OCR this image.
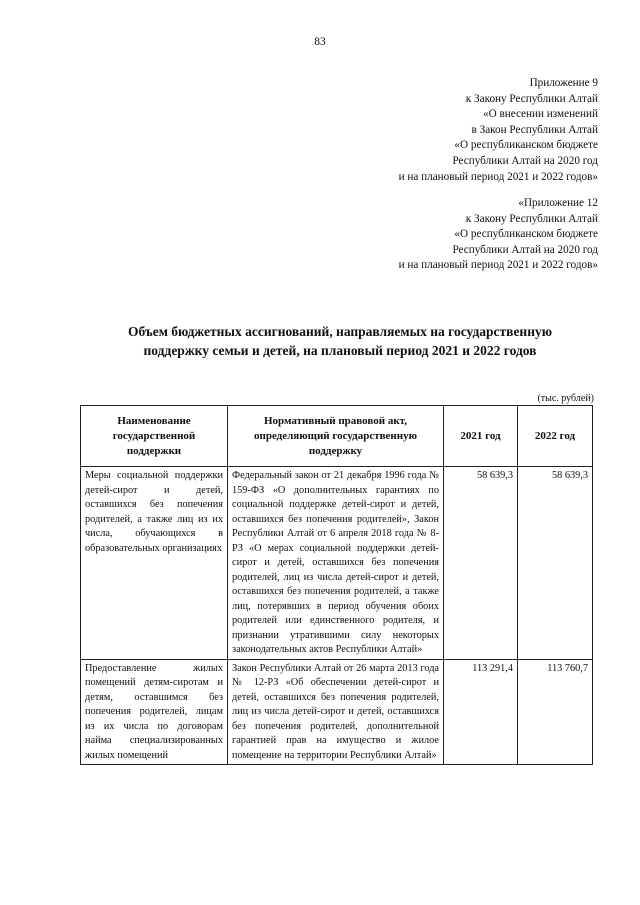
83
Приложение 9
к Закону Республики Алтай
«О внесении изменений
в Закон Республики Алтай
«О республиканском бюджете
Республики Алтай на 2020 год
и на плановый период 2021 и 2022 годов»
«Приложение 12
к Закону Республики Алтай
«О республиканском бюджете
Республики Алтай на 2020 год
и на плановый период 2021 и 2022 годов»
Объем бюджетных ассигнований, направляемых на государственную
поддержку семьи и детей, на плановый период 2021 и 2022 годов
(тыс. рублей)
Наименование государственной поддержки	Нормативный правовой акт, определяющий государственную поддержку	2021 год	2022 год
Меры социальной поддержки детей-сирот и детей, оставшихся без попечения родителей, а также лиц из их числа, обучающихся в образовательных организациях	Федеральный закон от 21 декабря 1996 года № 159-ФЗ «О дополнительных гарантиях по социальной поддержке детей-сирот и детей, оставшихся без попечения родителей», Закон Республики Алтай от 6 апреля 2018 года № 8-РЗ «О мерах социальной поддержки детей-сирот и детей, оставшихся без попечения родителей, лиц из числа детей-сирот и детей, оставшихся без попечения родителей, а также лиц, потерявших в период обучения обоих родителей или единственного родителя, и признании утратившими силу некоторых законодательных актов Республики Алтай»	58 639,3	58 639,3
Предоставление жилых помещений детям-сиротам и детям, оставшимся без попечения родителей, лицам из их числа по договорам найма специализированных жилых помещений	Закон Республики Алтай от 26 марта 2013 года № 12-РЗ «Об обеспечении детей-сирот и детей, оставшихся без попечения родителей, лиц из числа детей-сирот и детей, оставшихся без попечения родителей, дополнительной гарантией прав на имущество и жилое помещение на территории Республики Алтай»	113 291,4	113 760,7
